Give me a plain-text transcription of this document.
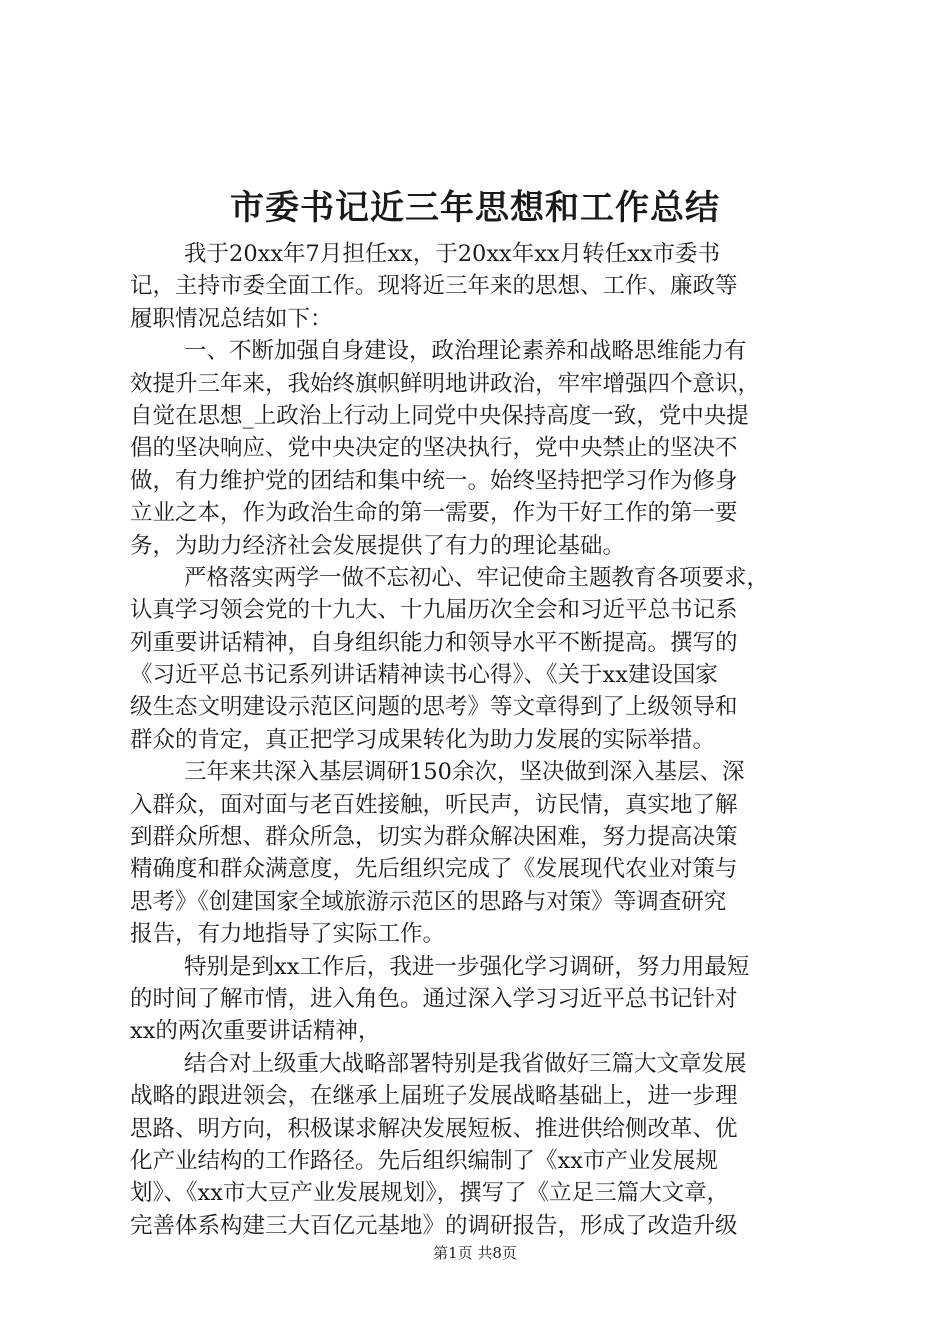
市委书记近三年思想和工作总结
我于20xx年7月担任xx，于20xx年xx月转任xx市委书
记，主持市委全面工作。现将近三年来的思想、工作、廉政等
履职情况总结如下：
一、不断加强自身建设，政治理论素养和战略思维能力有
效提升三年来，我始终旗帜鲜明地讲政治，牢牢增强四个意识，
自觉在思想_上政治上行动上同党中央保持高度一致，党中央提
倡的坚决响应、党中央决定的坚决执行，党中央禁止的坚决不
做，有力维护党的团结和集中统一。始终坚持把学习作为修身
立业之本，作为政治生命的第一需要，作为干好工作的第一要
务，为助力经济社会发展提供了有力的理论基础。
严格落实两学一做不忘初心、牢记使命主题教育各项要求，
认真学习领会党的十九大、十九届历次全会和习近平总书记系
列重要讲话精神，自身组织能力和领导水平不断提高。撰写的
《习近平总书记系列讲话精神读书心得》、《关于xx建设国家
级生态文明建设示范区问题的思考》等文章得到了上级领导和
群众的肯定，真正把学习成果转化为助力发展的实际举措。
三年来共深入基层调研150余次，坚决做到深入基层、深
入群众，面对面与老百姓接触，听民声，访民情，真实地了解
到群众所想、群众所急，切实为群众解决困难，努力提高决策
精确度和群众满意度，先后组织完成了《发展现代农业对策与
思考》《创建国家全域旅游示范区的思路与对策》等调查研究
报告，有力地指导了实际工作。
特别是到xx工作后，我进一步强化学习调研，努力用最短
的时间了解市情，进入角色。通过深入学习习近平总书记针对
xx的两次重要讲话精神，
结合对上级重大战略部署特别是我省做好三篇大文章发展
战略的跟进领会，在继承上届班子发展战略基础上，进一步理
思路、明方向，积极谋求解决发展短板、推进供给侧改革、优
化产业结构的工作路径。先后组织编制了《xx市产业发展规
划》、《xx市大豆产业发展规划》，撰写了《立足三篇大文章，
完善体系构建三大百亿元基地》的调研报告，形成了改造升级
第1页 共8页
